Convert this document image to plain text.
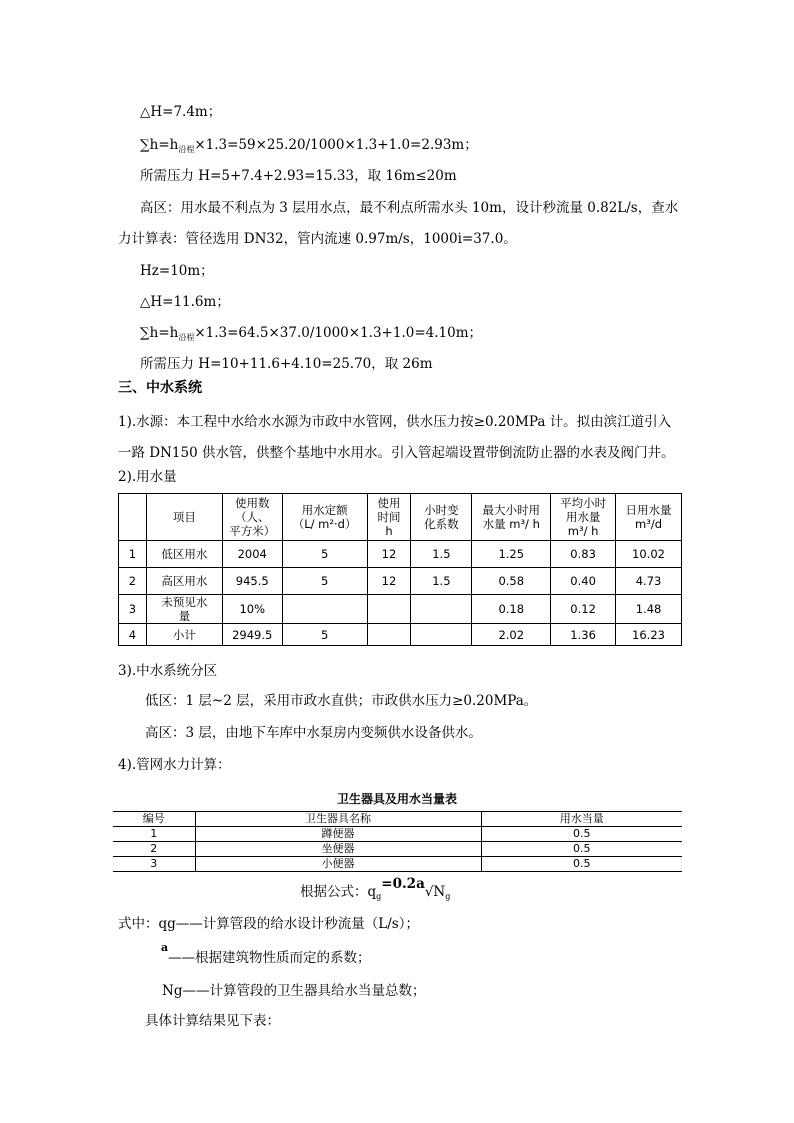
△H=7.4m；
$\sum h=h_{沿程}\times 1.3=59\times 25.20/1000\times 1.3+1.0=2.93m$；
所需压力 H=5+7.4+2.93=15.33，取 16m≤20m
高区：用水最不利点为 3 层用水点，最不利点所需水头 10m，设计秒流量 0.82L/s，查水
力计算表：管径选用 DN32，管内流速 0.97m/s，1000i=37.0。
Hz=10m；
△H=11.6m；
$\sum h=h_{沿程}\times 1.3=64.5\times 37.0/1000\times 1.3+1.0=4.10m$；
所需压力 H=10+11.6+4.10=25.70，取 26m
三、中水系统
1).水源：本工程中水给水水源为市政中水管网，供水压力按≥0.20MPa 计。拟由滨江道引入
一路 DN150 供水管，供整个基地中水用水。引入管起端设置带倒流防止器的水表及阀门井。
2).用水量
	项目	使用数
（人、
平方米）	用水定额
（L/ m²·d）	使用
时间
h	小时变
化系数	最大小时用
水量 m³/ h	平均小时
用水量
m³/ h	日用水量
m³/d
1	低区用水	2004	5	12	1.5	1.25	0.83	10.02
2	高区用水	945.5	5	12	1.5	0.58	0.40	4.73
3	未预见水
量	10%				0.18	0.12	1.48
4	小计	2949.5	5			2.02	1.36	16.23
3).中水系统分区
低区：1 层~2 层，采用市政水直供；市政供水压力≥0.20MPa。
高区：3 层，由地下车库中水泵房内变频供水设备供水。
4).管网水力计算：
卫生器具及用水当量表
编号	卫生器具名称	用水当量
1	蹲便器	0.5
2	坐便器	0.5
3	小便器	0.5
根据公式：$q_g=0.2a√N_g$
式中：qg——计算管段的给水设计秒流量（L/s）；
a
——根据建筑物性质而定的系数；
Ng——计算管段的卫生器具给水当量总数；
具体计算结果见下表：
